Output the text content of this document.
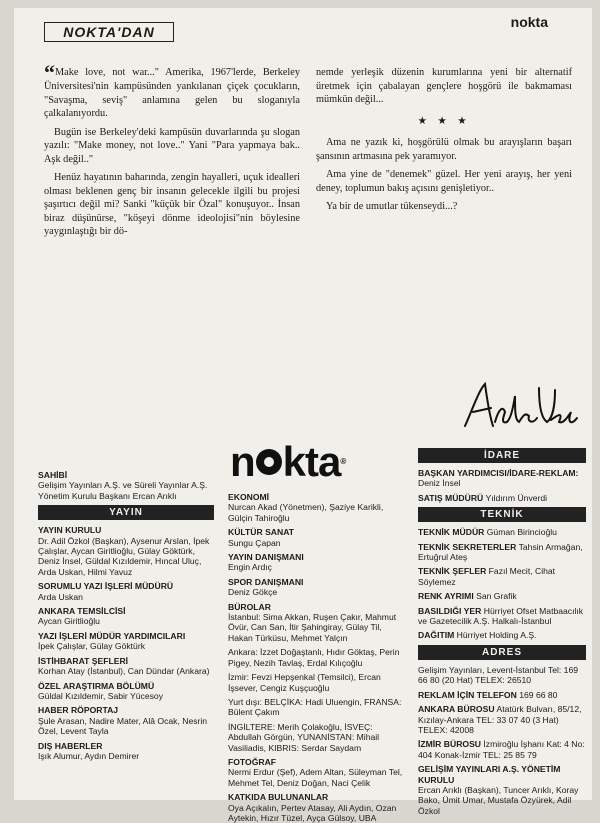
NOKTA'DAN
nokta

“Make love, not war..." Amerika, 1967'lerde, Berkeley Üniversitesi'nin kampüsünden yankılanan çiçek çocukların, "Savaşma, seviş" anlamına gelen bu sloganıyla çalkalanıyordu.

Bugün ise Berkeley'deki kampüsün duvarlarında şu slogan yazılı: "Make money, not love.." Yani "Para yapmaya bak.. Aşk değil.."

Henüz hayatının baharında, zengin hayalleri, uçuk idealleri olması beklenen genç bir insanın gelecekle ilgili bu projesi şaşırtıcı değil mi? Sanki "küçük bir Özal" konuşuyor.. İnsan biraz düşünürse, "köşeyi dönme ideolojisi"nin böylesine yaygınlaştığı bir dö-

nemde yerleşik düzenin kurumlarına yeni bir alternatif üretmek için çabalayan gençlere hoşgörü ile bakmaması mümkün değil...

★ ★ ★

Ama ne yazık ki, hoşgörülü olmak bu arayışların başarı şansının artmasına pek yaramıyor.

Ama yine de "denemek" güzel. Her yeni arayış, her yeni deney, toplumun bakış açısını genişletiyor..

Ya bir de umutlar tükenseydi...?

n kta®
SAHİBİ

Gelişim Yayınları A.Ş. ve Süreli Yayınlar A.Ş. Yönetim Kurulu Başkanı Ercan Arıklı

YAYIN
YAYIN KURULU

Dr. Adil Özkol (Başkan), Aysenur Arslan, İpek Çalışlar, Aycan Giritlioğlu, Gülay Göktürk, Deniz İnsel, Güldal Kızıldemir, Hıncal Uluç, Arda Uskan, Hilmi Yavuz

SORUMLU YAZI İŞLERİ MÜDÜRÜ

Arda Uskan

ANKARA TEMSİLCİSİ

Aycan Giritlioğlu

YAZI İŞLERİ MÜDÜR YARDIMCILARI

İpek Çalışlar, Gülay Göktürk

İSTİHBARAT ŞEFLERİ

Korhan Atay (İstanbul), Can Dündar (Ankara)

ÖZEL ARAŞTIRMA BÖLÜMÜ

Güldal Kızıldemir, Sabir Yücesoy

HABER RÖPORTAJ

Şule Arasan, Nadire Mater, Alâ Ocak, Nesrin Özel, Levent Tayla

DIŞ HABERLER

Işık Alumur, Aydın Demirer

EKONOMİ

Nurcan Akad (Yönetmen), Şaziye Karikli, Gülçin Tahiroğlu

KÜLTÜR SANAT

Sungu Çapan

YAYIN DANIŞMANI

Engin Ardıç

SPOR DANIŞMANI

Deniz Gökçe

BÜROLAR

İstanbul: Sima Akkan, Ruşen Çakır, Mahmut Övür, Can San, İtir Şahingiray, Gülay Til, Hakan Türküsu, Mehmet Yalçın

Ankara: İzzet Doğaştanlı, Hıdır Göktaş, Perin Pigey, Nezih Tavlaş, Erdal Kılıçoğlu

İzmir: Fevzi Hepşenkal (Temsilci), Ercan İşsever, Cengiz Kuşçuoğlu

Yurt dışı: BELÇİKA: Hadi Uluengin, FRANSA: Bülent Çakım

İNGİLTERE: Merih Çolakoğlu, İSVEÇ: Abdullah Görgün, YUNANİSTAN: Mihail Vasiliadis, KIBRIS: Serdar Saydam

FOTOĞRAF

Nermi Erdur (Şef), Adem Altan, Süleyman Tel, Mehmet Tel, Deniz Doğan, Naci Çelik

KATKIDA BULUNANLAR

Oya Açıkalın, Pertev Atasay, Ali Aydın, Ozan Aytekin, Hızır Tüzel, Ayça Gülsoy, UBA

İDARE
BAŞKAN YARDIMCISI/İDARE-REKLAM: Deniz İnsel
SATIŞ MÜDÜRÜ Yıldırım Ünverdi
TEKNİK
TEKNİK MÜDÜR Güman Birincioğlu
TEKNİK SEKRETERLER Tahsin Armağan, Ertuğrul Ateş
TEKNİK ŞEFLER Fazıl Mecit, Cihat Söylemez
RENK AYRIMI San Grafik
BASILDIĞI YER Hürriyet Ofset Matbaacılık ve Gazetecilik A.Ş. Halkalı-İstanbul
DAĞITIM Hürriyet Holding A.Ş.
ADRES

Gelişim Yayınları, Levent-İstanbul Tel: 169 66 80 (20 Hat) TELEX: 26510

REKLAM İÇİN TELEFON 169 66 80
ANKARA BÜROSU Atatürk Bulvarı, 85/12, Kızılay-Ankara TEL: 33 07 40 (3 Hat) TELEX: 42008
İZMİR BÜROSU İzmiroğlu İşhanı Kat: 4 No: 404 Konak-İzmir TEL: 25 85 79
GELİŞİM YAYINLARI A.Ş. YÖNETİM KURULU

Ercan Arıklı (Başkan), Tuncer Arıklı, Koray Bako, Ümit Umar, Mustafa Özyürek, Adil Özkol
